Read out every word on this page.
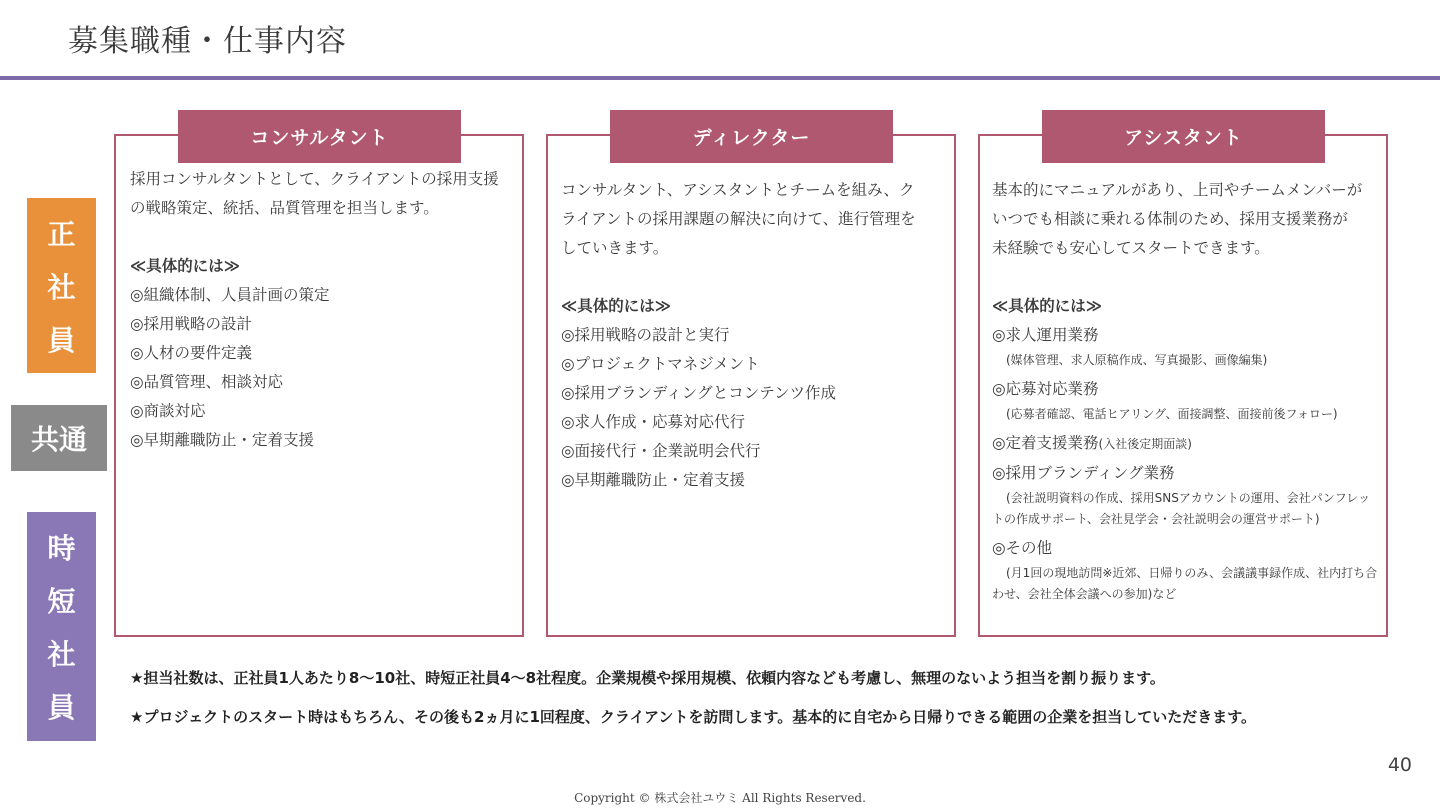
募集職種・仕事内容
正
社
員
共通
時
短
社
員
コンサルタント

採用コンサルタントとして、クライアントの採用支援
の戦略策定、統括、品質管理を担当します。

≪具体的には≫
◎組織体制、人員計画の策定
◎採用戦略の設計
◎人材の要件定義
◎品質管理、相談対応
◎商談対応
◎早期離職防止・定着支援
ディレクター

コンサルタント、アシスタントとチームを組み、ク
ライアントの採用課題の解決に向けて、進行管理を
していきます。

≪具体的には≫
◎採用戦略の設計と実行
◎プロジェクトマネジメント
◎採用ブランディングとコンテンツ作成
◎求人作成・応募対応代行
◎面接代行・企業説明会代行
◎早期離職防止・定着支援
アシスタント

基本的にマニュアルがあり、上司やチームメンバーが
いつでも相談に乗れる体制のため、採用支援業務が
未経験でも安心してスタートできます。

≪具体的には≫
◎求人運用業務
(媒体管理、求人原稿作成、写真撮影、画像編集)
◎応募対応業務
(応募者確認、電話ヒアリング、面接調整、面接前後フォロー)
◎定着支援業務(入社後定期面談)
◎採用ブランディング業務
(会社説明資料の作成、採用SNSアカウントの運用、会社パンフレットの作成サポート、会社見学会・会社説明会の運営サポート)
◎その他
(月1回の現地訪問※近郊、日帰りのみ、会議議事録作成、社内打ち合わせ、会社全体会議への参加)など
★担当社数は、正社員1人あたり8〜10社、時短正社員4〜8社程度。企業規模や採用規模、依頼内容なども考慮し、無理のないよう担当を割り振ります。
★プロジェクトのスタート時はもちろん、その後も2ヵ月に1回程度、クライアントを訪問します。基本的に自宅から日帰りできる範囲の企業を担当していただきます。
40
Copyright © 株式会社ユウミ All Rights Reserved.
